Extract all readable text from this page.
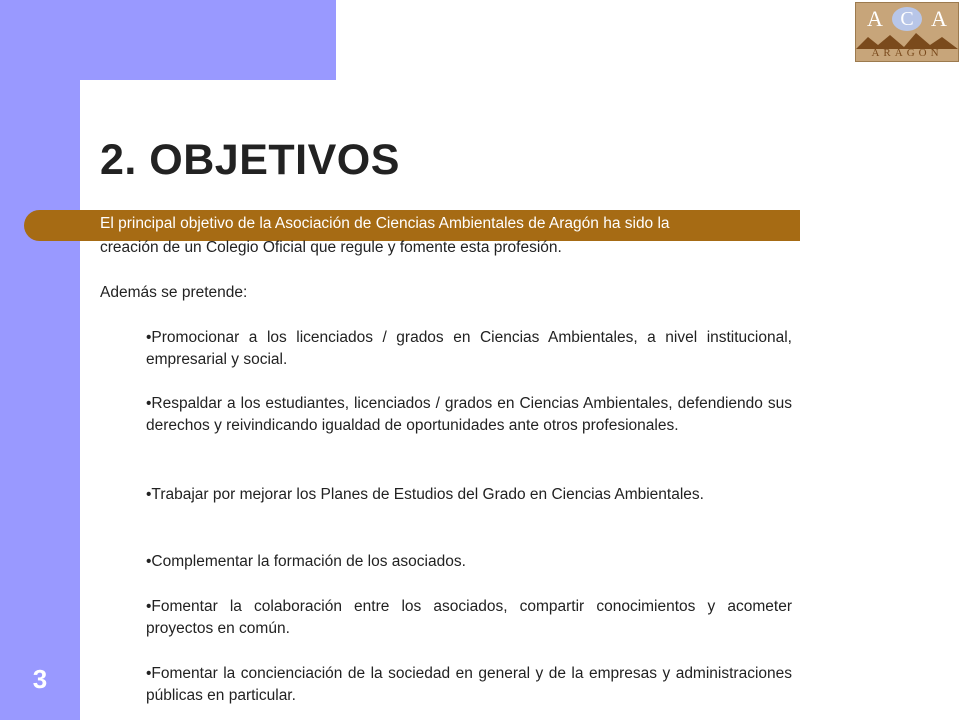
3
A C A
ARAGÓN
2. OBJETIVOS
El principal objetivo de la Asociación de Ciencias Ambientales de Aragón ha sido la
creación de un Colegio Oficial que regule y fomente esta profesión.
Además se pretende:
•Promocionar a los licenciados / grados en Ciencias Ambientales, a nivel institucional, empresarial y social.
•Respaldar a los estudiantes, licenciados / grados en Ciencias Ambientales, defendiendo sus derechos y reivindicando igualdad de oportunidades ante otros profesionales.
•Trabajar por mejorar los Planes de Estudios del Grado en Ciencias Ambientales.
•Complementar la formación de los asociados.
•Fomentar la colaboración entre los asociados, compartir conocimientos y acometer proyectos en común.
•Fomentar la concienciación de la sociedad en general y de la empresas y administraciones públicas en particular.
